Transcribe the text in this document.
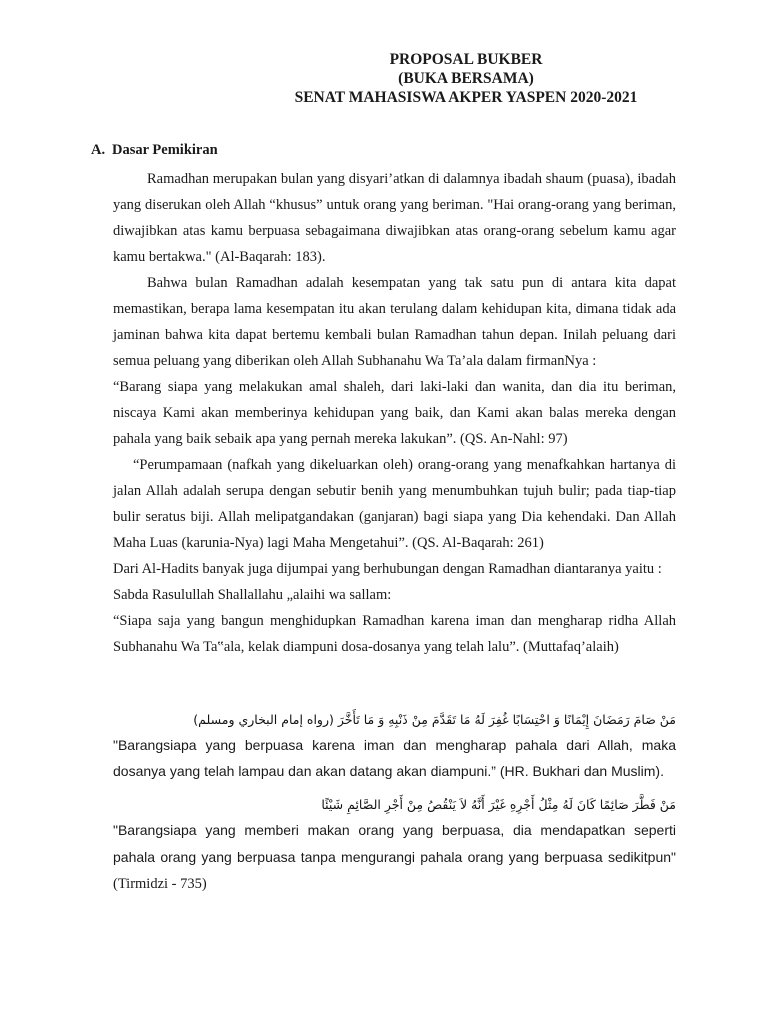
PROPOSAL BUKBER
(BUKA BERSAMA)
SENAT MAHASISWA AKPER YASPEN 2020-2021
A. Dasar Pemikiran

Ramadhan merupakan bulan yang disyari’atkan di dalamnya ibadah shaum (puasa), ibadah yang diserukan oleh Allah “khusus” untuk orang yang beriman. "Hai orang-orang yang beriman, diwajibkan atas kamu berpuasa sebagaimana diwajibkan atas orang-orang sebelum kamu agar kamu bertakwa." (Al-Baqarah: 183).

Bahwa bulan Ramadhan adalah kesempatan yang tak satu pun di antara kita dapat memastikan, berapa lama kesempatan itu akan terulang dalam kehidupan kita, dimana tidak ada jaminan bahwa kita dapat bertemu kembali bulan Ramadhan tahun depan. Inilah peluang dari semua peluang yang diberikan oleh Allah Subhanahu Wa Ta’ala dalam firmanNya :

“Barang siapa yang melakukan amal shaleh, dari laki-laki dan wanita, dan dia itu beriman, niscaya Kami akan memberinya kehidupan yang baik, dan Kami akan balas mereka dengan pahala yang baik sebaik apa yang pernah mereka lakukan”. (QS. An-Nahl: 97)

“Perumpamaan (nafkah yang dikeluarkan oleh) orang-orang yang menafkahkan hartanya di jalan Allah adalah serupa dengan sebutir benih yang menumbuhkan tujuh bulir; pada tiap-tiap bulir seratus biji. Allah melipatgandakan (ganjaran) bagi siapa yang Dia kehendaki. Dan Allah Maha Luas (karunia-Nya) lagi Maha Mengetahui”. (QS. Al-Baqarah: 261)

Dari Al-Hadits banyak juga dijumpai yang berhubungan dengan Ramadhan diantaranya yaitu :

Sabda Rasulullah Shallallahu „alaihi wa sallam:

“Siapa saja yang bangun menghidupkan Ramadhan karena iman dan mengharap ridha Allah Subhanahu Wa Ta‟ala, kelak diampuni dosa-dosanya yang telah lalu”. (Muttafaq’alaih)

مَنْ صَامَ رَمَضَانَ إِيْمَانًا وَ احْتِسَابًا غُفِرَ لَهُ مَا تَقَدَّمَ مِنْ ذَنْبِهِ وَ مَا تَأَخَّرَ (رواه إمام البخاري ومسلم)

"Barangsiapa yang berpuasa karena iman dan mengharap pahala dari Allah, maka dosanya yang telah lampau dan akan datang akan diampuni.” (HR. Bukhari dan Muslim).

مَنْ فَطَّرَ صَائِمًا كَانَ لَهُ مِثْلُ أَجْرِهِ غَيْرَ أَنَّهُ لاَ يَنْقُصُ مِنْ أَجْرِ الصَّائِمِ شَيْئًا

"Barangsiapa yang memberi makan orang yang berpuasa, dia mendapatkan seperti pahala orang yang berpuasa tanpa mengurangi pahala orang yang berpuasa sedikitpun" (Tirmidzi - 735)
